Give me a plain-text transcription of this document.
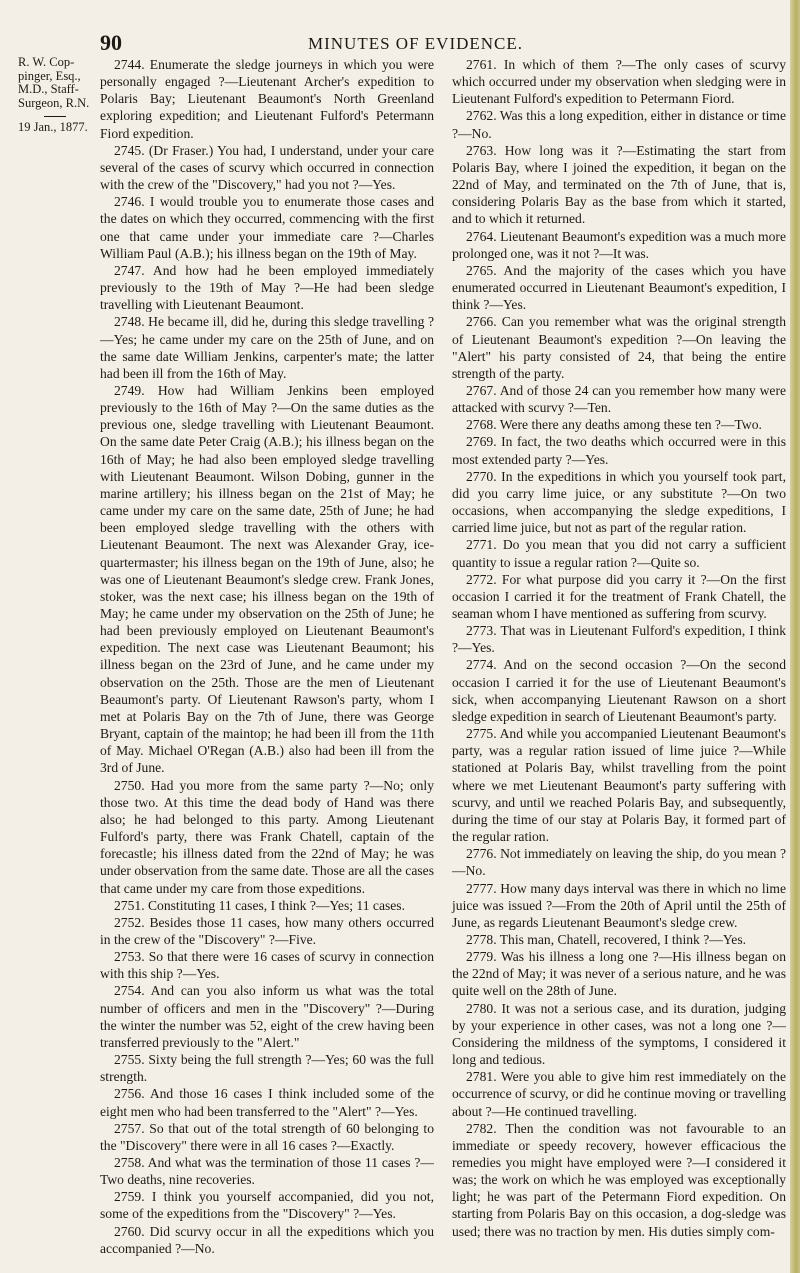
90	MINUTES OF EVIDENCE.
R. W. Cop-
pinger, Esq.,
M.D., Staff-
Surgeon, R.N.
19 Jan., 1877.

2744. Enumerate the sledge journeys in which you were personally engaged ?—Lieutenant Archer's expedition to Polaris Bay; Lieutenant Beaumont's North Greenland exploring expedition; and Lieutenant Fulford's Petermann Fiord expedition.

2745. (Dr Fraser.) You had, I understand, under your care several of the cases of scurvy which occurred in connection with the crew of the "Discovery," had you not ?—Yes.

2746. I would trouble you to enumerate those cases and the dates on which they occurred, commencing with the first one that came under your immediate care ?—Charles William Paul (A.B.); his illness began on the 19th of May.

2747. And how had he been employed immediately previously to the 19th of May ?—He had been sledge travelling with Lieutenant Beaumont.

2748. He became ill, did he, during this sledge travelling ?—Yes; he came under my care on the 25th of June, and on the same date William Jenkins, carpenter's mate; the latter had been ill from the 16th of May.

2749. How had William Jenkins been employed previously to the 16th of May ?—On the same duties as the previous one, sledge travelling with Lieutenant Beaumont. On the same date Peter Craig (A.B.); his illness began on the 16th of May; he had also been employed sledge travelling with Lieutenant Beaumont. Wilson Dobing, gunner in the marine artillery; his illness began on the 21st of May; he came under my care on the same date, 25th of June; he had been employed sledge travelling with the others with Lieutenant Beaumont. The next was Alexander Gray, ice-quartermaster; his illness began on the 19th of June, also; he was one of Lieutenant Beaumont's sledge crew. Frank Jones, stoker, was the next case; his illness began on the 19th of May; he came under my observation on the 25th of June; he had been previously employed on Lieutenant Beaumont's expedition. The next case was Lieutenant Beaumont; his illness began on the 23rd of June, and he came under my observation on the 25th. Those are the men of Lieutenant Beaumont's party. Of Lieutenant Rawson's party, whom I met at Polaris Bay on the 7th of June, there was George Bryant, captain of the maintop; he had been ill from the 11th of May. Michael O'Regan (A.B.) also had been ill from the 3rd of June.

2750. Had you more from the same party ?—No; only those two. At this time the dead body of Hand was there also; he had belonged to this party. Among Lieutenant Fulford's party, there was Frank Chatell, captain of the forecastle; his illness dated from the 22nd of May; he was under observation from the same date. Those are all the cases that came under my care from those expeditions.

2751. Constituting 11 cases, I think ?—Yes; 11 cases.

2752. Besides those 11 cases, how many others occurred in the crew of the "Discovery" ?—Five.

2753. So that there were 16 cases of scurvy in connection with this ship ?—Yes.

2754. And can you also inform us what was the total number of officers and men in the "Discovery" ?—During the winter the number was 52, eight of the crew having been transferred previously to the "Alert."

2755. Sixty being the full strength ?—Yes; 60 was the full strength.

2756. And those 16 cases I think included some of the eight men who had been transferred to the "Alert" ?—Yes.

2757. So that out of the total strength of 60 belonging to the "Discovery" there were in all 16 cases ?—Exactly.

2758. And what was the termination of those 11 cases ?—Two deaths, nine recoveries.

2759. I think you yourself accompanied, did you not, some of the expeditions from the "Discovery" ?—Yes.

2760. Did scurvy occur in all the expeditions which you accompanied ?—No.

2761. In which of them ?—The only cases of scurvy which occurred under my observation when sledging were in Lieutenant Fulford's expedition to Petermann Fiord.

2762. Was this a long expedition, either in distance or time ?—No.

2763. How long was it ?—Estimating the start from Polaris Bay, where I joined the expedition, it began on the 22nd of May, and terminated on the 7th of June, that is, considering Polaris Bay as the base from which it started, and to which it returned.

2764. Lieutenant Beaumont's expedition was a much more prolonged one, was it not ?—It was.

2765. And the majority of the cases which you have enumerated occurred in Lieutenant Beaumont's expedition, I think ?—Yes.

2766. Can you remember what was the original strength of Lieutenant Beaumont's expedition ?—On leaving the "Alert" his party consisted of 24, that being the entire strength of the party.

2767. And of those 24 can you remember how many were attacked with scurvy ?—Ten.

2768. Were there any deaths among these ten ?—Two.

2769. In fact, the two deaths which occurred were in this most extended party ?—Yes.

2770. In the expeditions in which you yourself took part, did you carry lime juice, or any substitute ?—On two occasions, when accompanying the sledge expeditions, I carried lime juice, but not as part of the regular ration.

2771. Do you mean that you did not carry a sufficient quantity to issue a regular ration ?—Quite so.

2772. For what purpose did you carry it ?—On the first occasion I carried it for the treatment of Frank Chatell, the seaman whom I have mentioned as suffering from scurvy.

2773. That was in Lieutenant Fulford's expedition, I think ?—Yes.

2774. And on the second occasion ?—On the second occasion I carried it for the use of Lieutenant Beaumont's sick, when accompanying Lieutenant Rawson on a short sledge expedition in search of Lieutenant Beaumont's party.

2775. And while you accompanied Lieutenant Beaumont's party, was a regular ration issued of lime juice ?—While stationed at Polaris Bay, whilst travelling from the point where we met Lieutenant Beaumont's party suffering with scurvy, and until we reached Polaris Bay, and subsequently, during the time of our stay at Polaris Bay, it formed part of the regular ration.

2776. Not immediately on leaving the ship, do you mean ?—No.

2777. How many days interval was there in which no lime juice was issued ?—From the 20th of April until the 25th of June, as regards Lieutenant Beaumont's sledge crew.

2778. This man, Chatell, recovered, I think ?—Yes.

2779. Was his illness a long one ?—His illness began on the 22nd of May; it was never of a serious nature, and he was quite well on the 28th of June.

2780. It was not a serious case, and its duration, judging by your experience in other cases, was not a long one ?—Considering the mildness of the symptoms, I considered it long and tedious.

2781. Were you able to give him rest immediately on the occurrence of scurvy, or did he continue moving or travelling about ?—He continued travelling.

2782. Then the condition was not favourable to an immediate or speedy recovery, however efficacious the remedies you might have employed were ?—I considered it was; the work on which he was employed was exceptionally light; he was part of the Petermann Fiord expedition. On starting from Polaris Bay on this occasion, a dog-sledge was used; there was no traction by men. His duties simply com-
